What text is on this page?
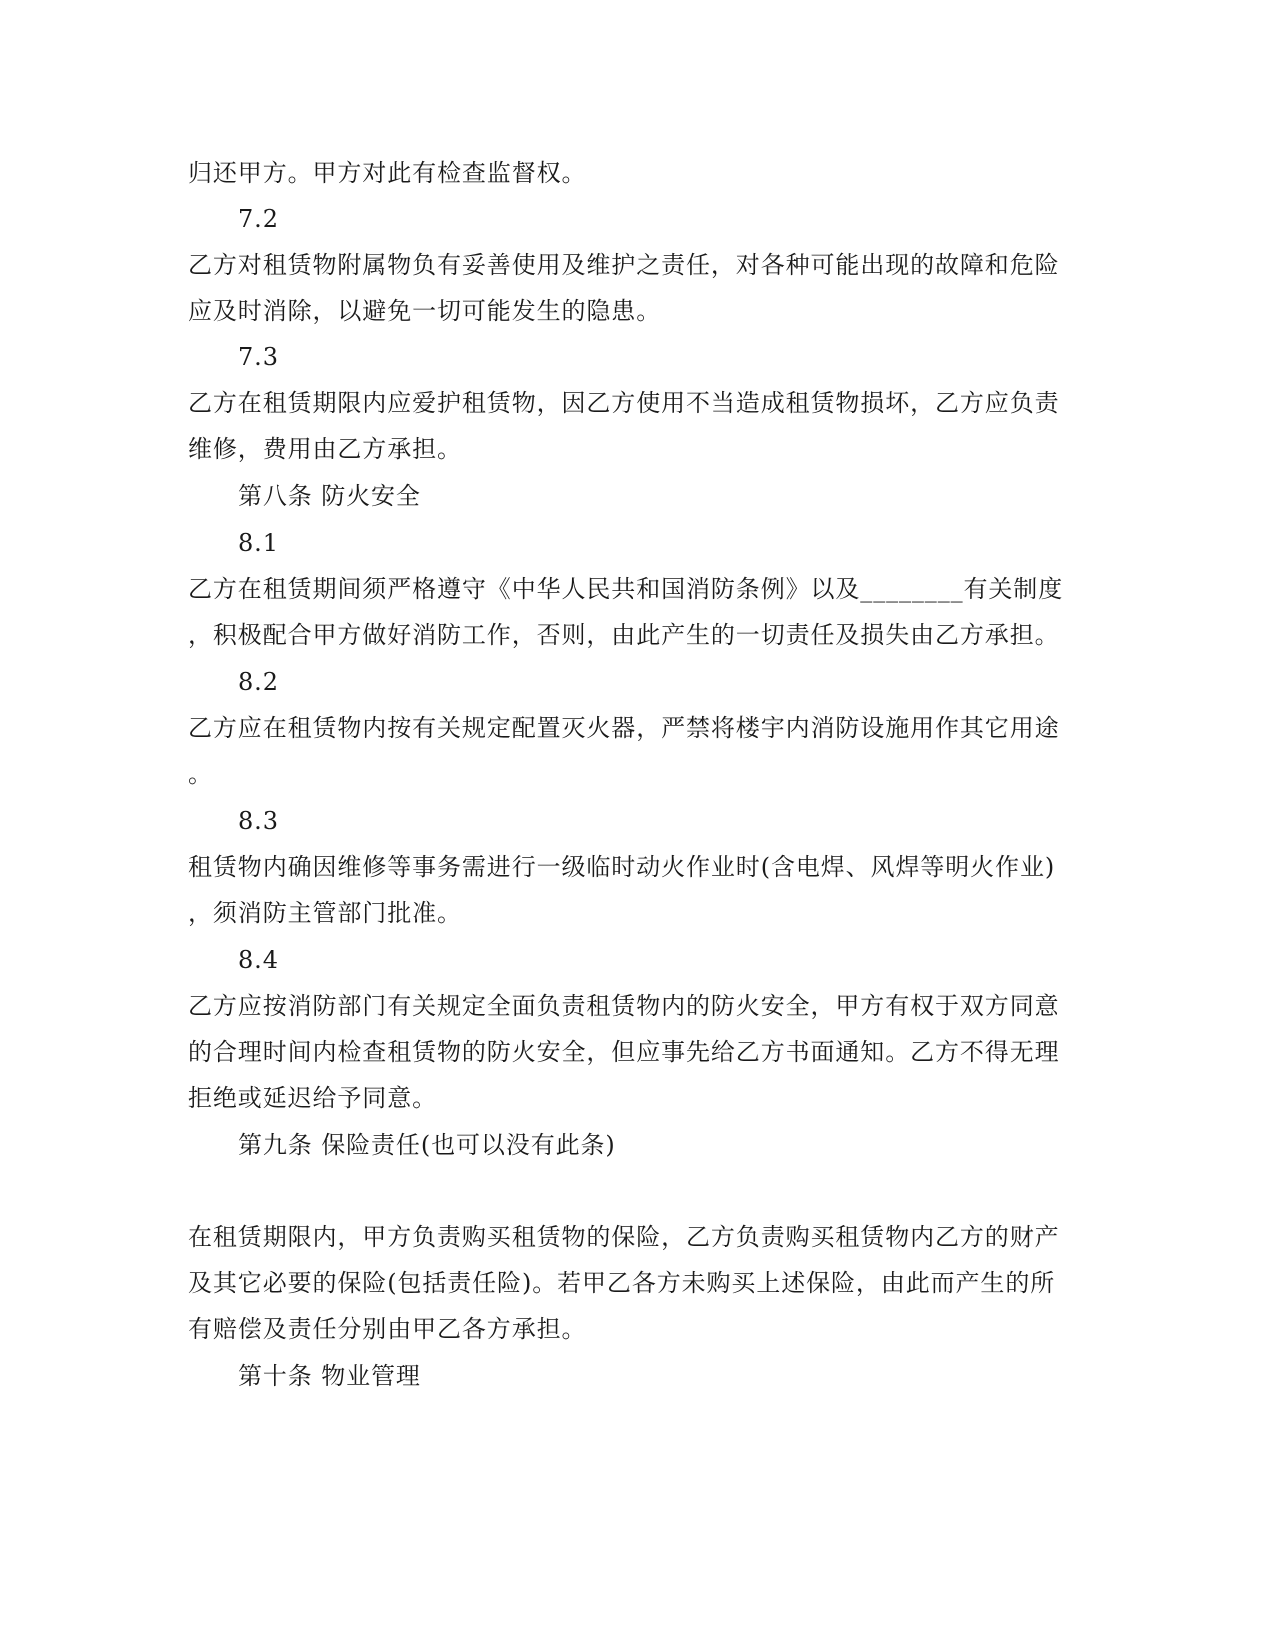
归还甲方。甲方对此有检查监督权。
7.2
乙方对租赁物附属物负有妥善使用及维护之责任，对各种可能出现的故障和危险
应及时消除，以避免一切可能发生的隐患。
7.3
乙方在租赁期限内应爱护租赁物，因乙方使用不当造成租赁物损坏，乙方应负责
维修，费用由乙方承担。
第八条 防火安全
8.1
乙方在租赁期间须严格遵守《中华人民共和国消防条例》以及________有关制度
，积极配合甲方做好消防工作，否则，由此产生的一切责任及损失由乙方承担。
8.2
乙方应在租赁物内按有关规定配置灭火器，严禁将楼宇内消防设施用作其它用途
。
8.3
租赁物内确因维修等事务需进行一级临时动火作业时(含电焊、风焊等明火作业)
，须消防主管部门批准。
8.4
乙方应按消防部门有关规定全面负责租赁物内的防火安全，甲方有权于双方同意
的合理时间内检查租赁物的防火安全，但应事先给乙方书面通知。乙方不得无理
拒绝或延迟给予同意。
第九条 保险责任(也可以没有此条)
在租赁期限内，甲方负责购买租赁物的保险，乙方负责购买租赁物内乙方的财产
及其它必要的保险(包括责任险)。若甲乙各方未购买上述保险，由此而产生的所
有赔偿及责任分别由甲乙各方承担。
第十条 物业管理
